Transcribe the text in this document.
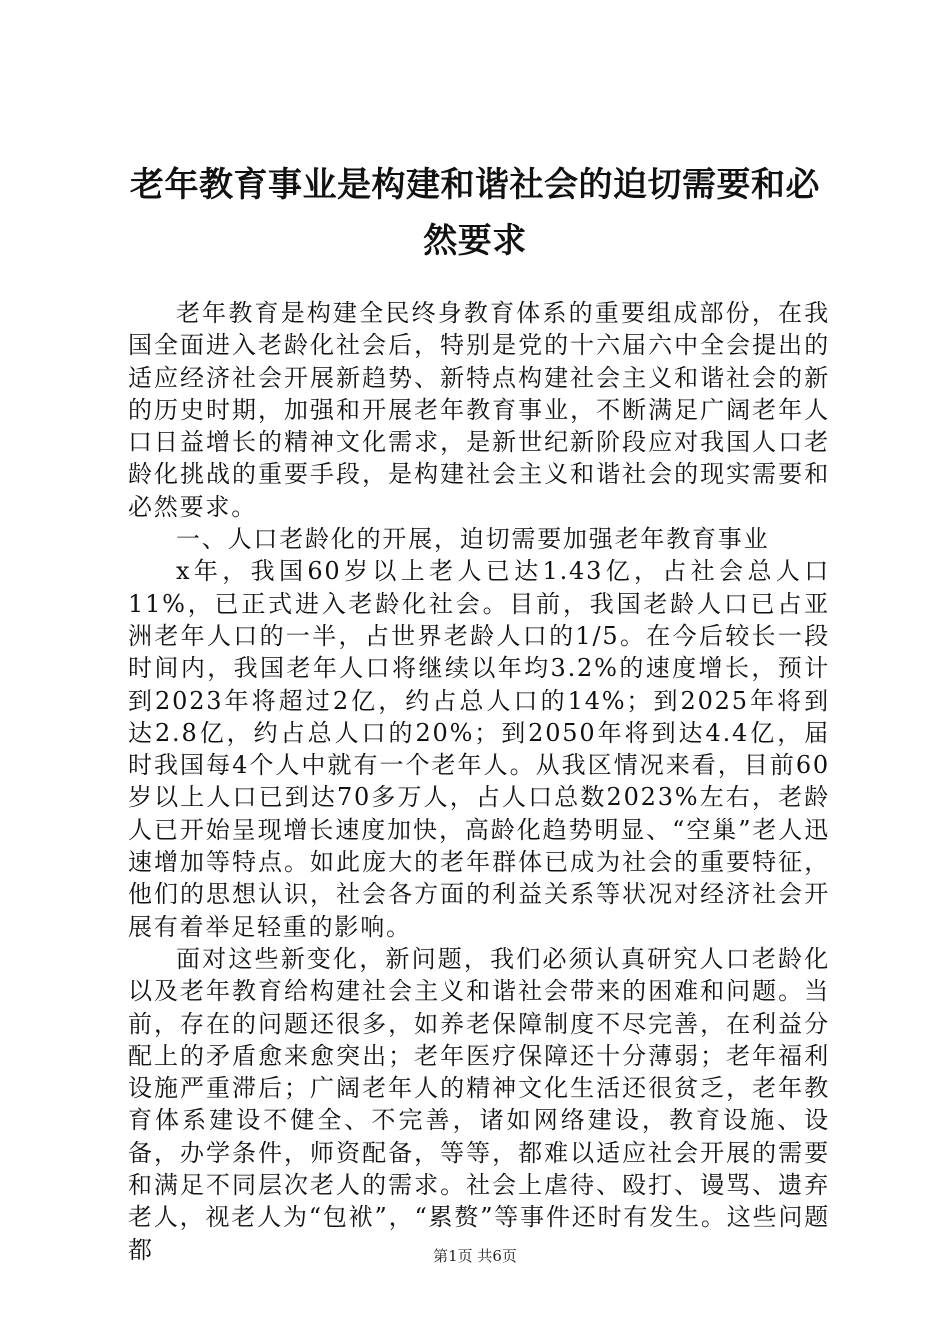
老年教育事业是构建和谐社会的迫切需要和必
然要求

老年教育是构建全民终身教育体系的重要组成部份，在我国全面进入老龄化社会后，特别是党的十六届六中全会提出的适应经济社会开展新趋势、新特点构建社会主义和谐社会的新的历史时期，加强和开展老年教育事业，不断满足广阔老年人口日益增长的精神文化需求，是新世纪新阶段应对我国人口老龄化挑战的重要手段，是构建社会主义和谐社会的现实需要和必然要求。

一、人口老龄化的开展，迫切需要加强老年教育事业

x年，我国60岁以上老人已达1.43亿，占社会总人口11%，已正式进入老龄化社会。目前，我国老龄人口已占亚洲老年人口的一半，占世界老龄人口的1/5。在今后较长一段时间内，我国老年人口将继续以年均3.2%的速度增长，预计到2023年将超过2亿，约占总人口的14%；到2025年将到达2.8亿，约占总人口的20%；到2050年将到达4.4亿，届时我国每4个人中就有一个老年人。从我区情况来看，目前60岁以上人口已到达70多万人，占人口总数2023%左右，老龄人已开始呈现增长速度加快，高龄化趋势明显、“空巢”老人迅速增加等特点。如此庞大的老年群体已成为社会的重要特征，他们的思想认识，社会各方面的利益关系等状况对经济社会开展有着举足轻重的影响。

面对这些新变化，新问题，我们必须认真研究人口老龄化以及老年教育给构建社会主义和谐社会带来的困难和问题。当前，存在的问题还很多，如养老保障制度不尽完善，在利益分配上的矛盾愈来愈突出；老年医疗保障还十分薄弱；老年福利设施严重滞后；广阔老年人的精神文化生活还很贫乏，老年教育体系建设不健全、不完善，诸如网络建设，教育设施、设备，办学条件，师资配备，等等，都难以适应社会开展的需要和满足不同层次老人的需求。社会上虐待、殴打、谩骂、遗弃老人，视老人为“包袱”，“累赘”等事件还时有发生。这些问题都	第1页 共6页
